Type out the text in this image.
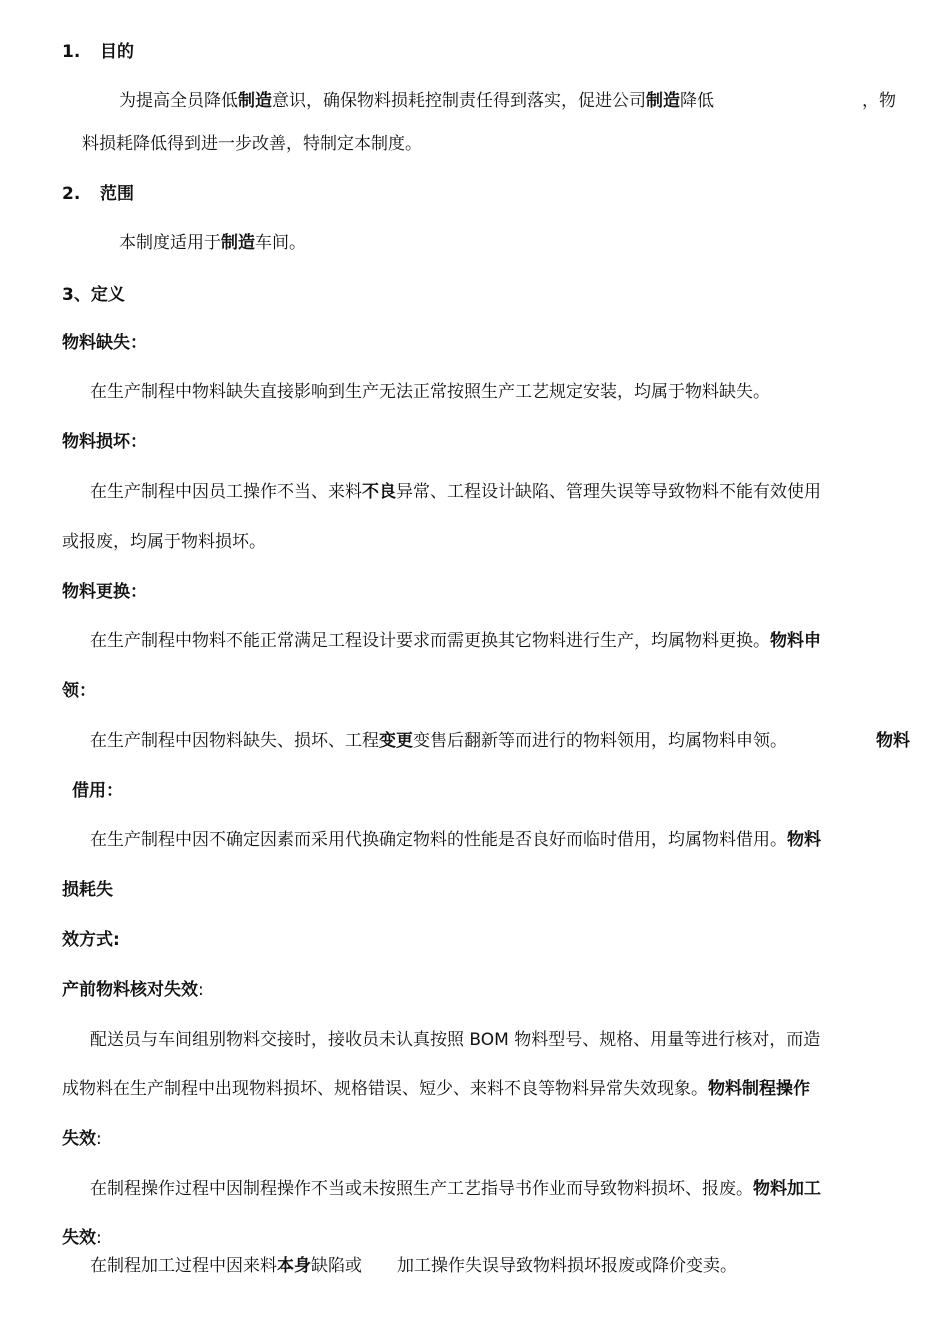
1. 目的
为提高全员降低制造意识，确保物料损耗控制责任得到落实，促进公司制造降低	，物
料损耗降低得到进一步改善，特制定本制度。
2. 范围
本制度适用于制造车间。
3、定义
物料缺失：
在生产制程中物料缺失直接影响到生产无法正常按照生产工艺规定安装，均属于物料缺失。
物料损坏：
在生产制程中因员工操作不当、来料不良异常、工程设计缺陷、管理失误等导致物料不能有效使用
或报废，均属于物料损坏。
物料更换：
在生产制程中物料不能正常满足工程设计要求而需更换其它物料进行生产，均属物料更换。物料申
领：
在生产制程中因物料缺失、损坏、工程变更变售后翻新等而进行的物料领用，均属物料申领。	物料
借用：
在生产制程中因不确定因素而采用代换确定物料的性能是否良好而临时借用，均属物料借用。物料
损耗失
效方式:
产前物料核对失效:
配送员与车间组别物料交接时，接收员未认真按照 BOM 物料型号、规格、用量等进行核对，而造
成物料在生产制程中出现物料损坏、规格错误、短少、来料不良等物料异常失效现象。物料制程操作
失效:
在制程操作过程中因制程操作不当或未按照生产工艺指导书作业而导致物料损坏、报废。物料加工
失效:
在制程加工过程中因来料本身缺陷或 加工操作失误导致物料损坏报废或降价变卖。
